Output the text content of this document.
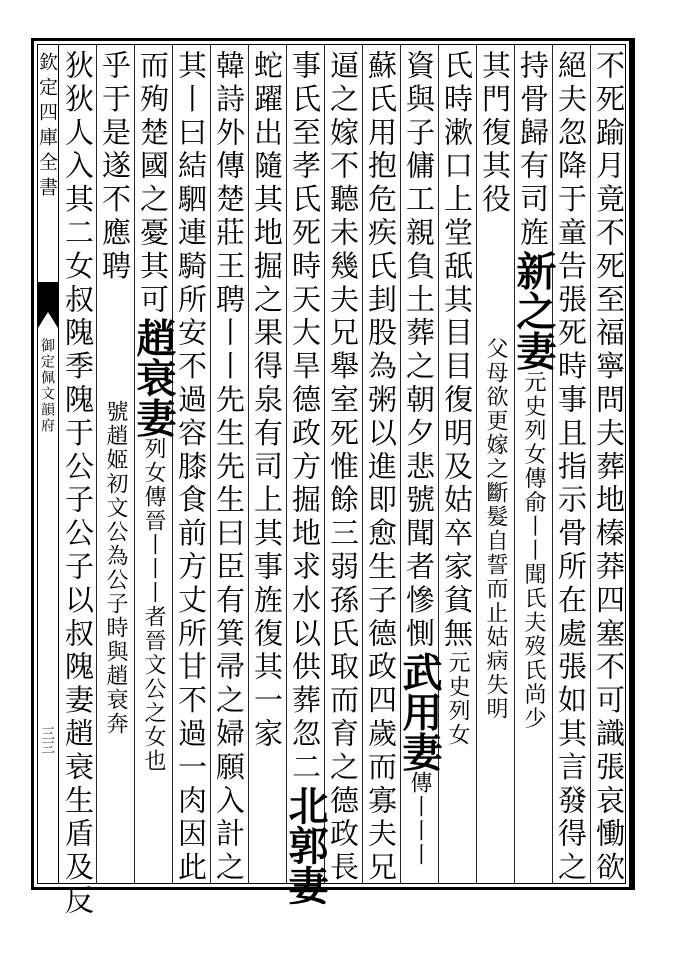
欽定四庫全書
御定佩文韻府
三三	不死踰月竟不死至福寧問夫葬地榛莽四塞不可識張哀慟欲
絕夫忽降于童告張死時事且指示骨所在處張如其言發得之
持骨歸有司旌新之妻元史列女傳俞丨丨聞氏夫歿氏尚少
其門復其役父母欲更嫁之斷髮自誓而止姑病失明
氏時漱口上堂舐其目目復明及姑卒家貧無元史列女
資與子傭工親負土葬之朝夕悲號聞者慘惻武用妻傳丨丨丨
蘇氏用抱危疾氏刲股為粥以進即愈生子德政四歲而寡夫兄
逼之嫁不聽未幾夫兄舉室死惟餘三弱孫氏取而育之德政長
事氏至孝氏死時天大旱德政方掘地求水以供葬忽二北郭妻
蛇躍出隨其地掘之果得泉有司上其事旌復其一家
韓詩外傳楚莊王聘丨丨先生先生曰臣有箕帚之婦願入計之
其丨曰結駟連騎所安不過容膝食前方丈所甘不過一肉因此
而殉楚國之憂其可趙衰妻列女傳晉丨丨丨者晉文公之女也
乎于是遂不應聘號趙姬初文公為公子時與趙衰奔
狄狄人入其二女叔隗季隗于公子公子以叔隗妻趙衰生盾及反
